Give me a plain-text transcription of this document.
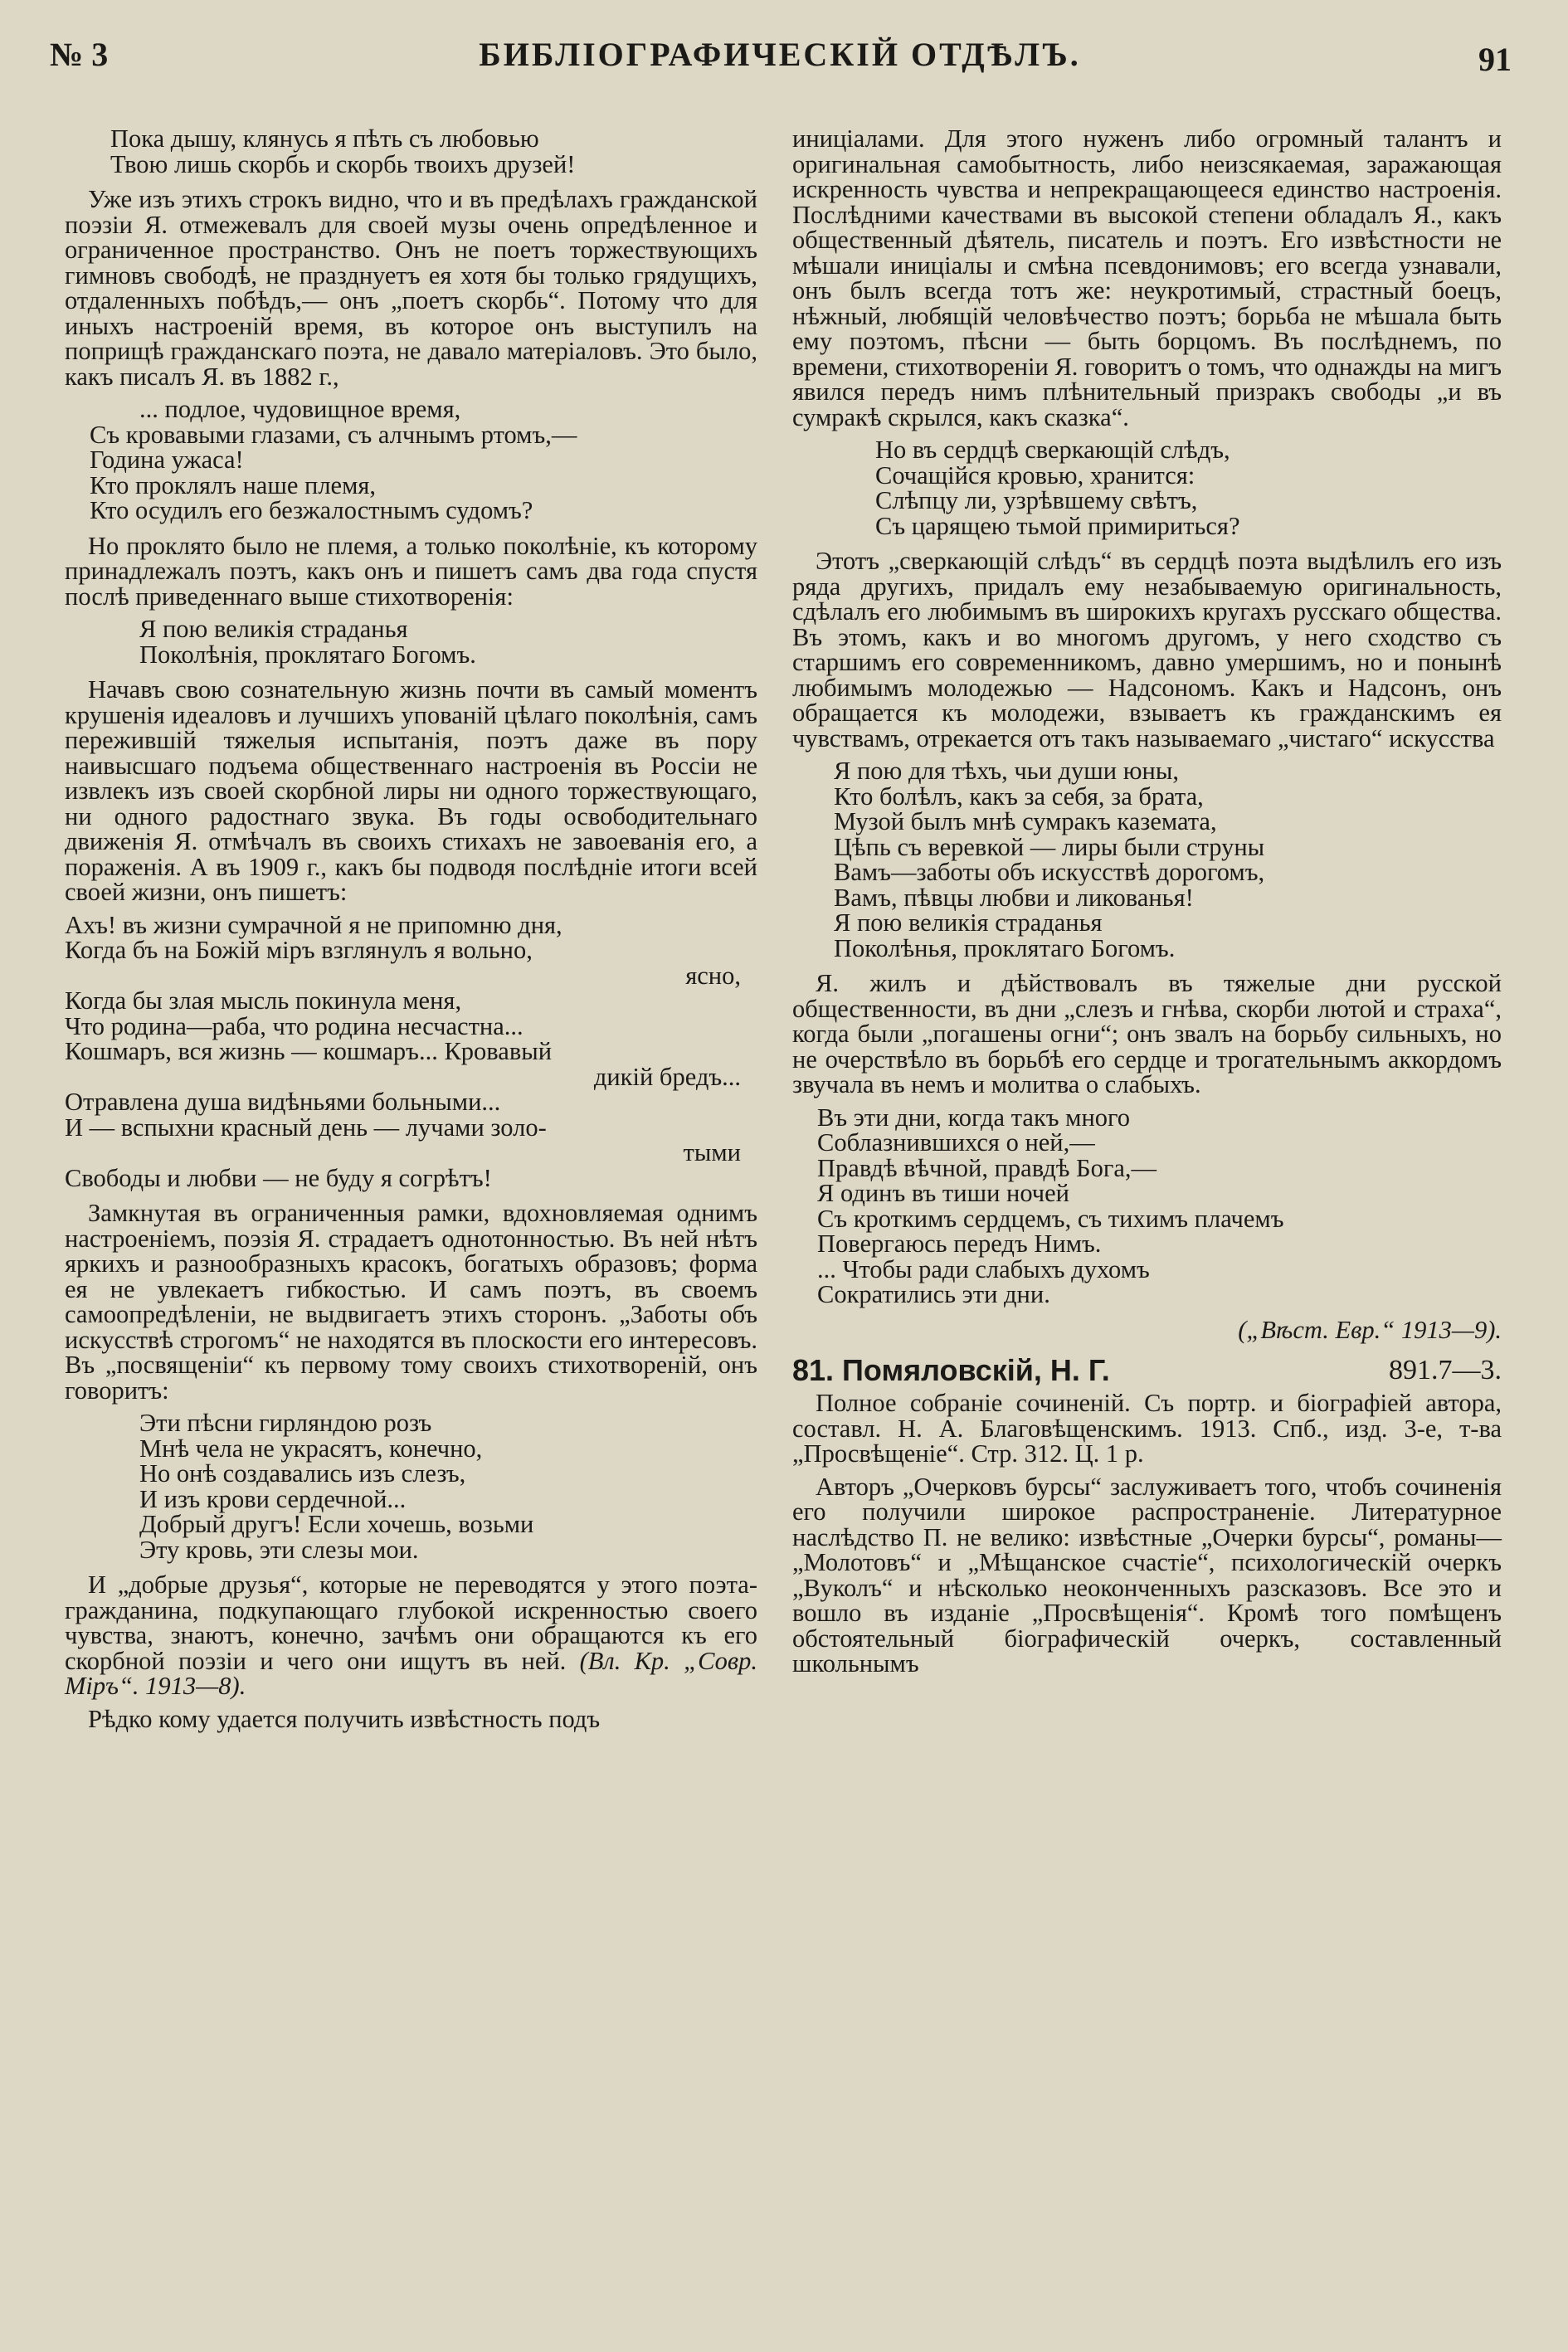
№ 3	БИБЛІОГРАФИЧЕСКІЙ ОТДѢЛЪ.	91
Пока дышу, клянусь я пѣть съ любовью
Твою лишь скорбь и скорбь твоихъ друзей!
Уже изъ этихъ строкъ видно, что и въ предѣлахъ гражданской поэзіи Я. отмежевалъ для своей музы очень опредѣленное и ограниченное пространство. Онъ не поетъ торжествующихъ гимновъ свободѣ, не празднуетъ ея хотя бы только грядущихъ, отдаленныхъ побѣдъ,— онъ „поетъ скорбь“. Потому что для иныхъ настроеній время, въ которое онъ выступилъ на поприщѣ гражданскаго поэта, не давало матеріаловъ. Это было, какъ писалъ Я. въ 1882 г.,
... подлое, чудовищное время,
Съ кровавыми глазами, съ алчнымъ ртомъ,—
Година ужаса!
Кто проклялъ наше племя,
Кто осудилъ его безжалостнымъ судомъ?
Но проклято было не племя, а только поколѣніе, къ которому принадлежалъ поэтъ, какъ онъ и пишетъ самъ два года спустя послѣ приведеннаго выше стихотворенія:
Я пою великія страданья
Поколѣнія, проклятаго Богомъ.
Начавъ свою сознательную жизнь почти въ самый моментъ крушенія идеаловъ и лучшихъ упованій цѣлаго поколѣнія, самъ пережившій тяжелыя испытанія, поэтъ даже въ пору наивысшаго подъема общественнаго настроенія въ Россіи не извлекъ изъ своей скорбной лиры ни одного торжествующаго, ни одного радостнаго звука. Въ годы освободительнаго движенія Я. отмѣчалъ въ своихъ стихахъ не завоеванія его, а пораженія. А въ 1909 г., какъ бы подводя послѣдніе итоги всей своей жизни, онъ пишетъ:
Ахъ! въ жизни сумрачной я не припомню дня,
Когда бъ на Божій міръ взглянулъ я вольно,
ясно,
Когда бы злая мысль покинула меня,
Что родина—раба, что родина несчастна...
Кошмаръ, вся жизнь — кошмаръ... Кровавый
дикій бредъ...
Отравлена душа видѣньями больными...
И — вспыхни красный день — лучами золо-
тыми
Свободы и любви — не буду я согрѣтъ!
Замкнутая въ ограниченныя рамки, вдохновляемая однимъ настроеніемъ, поэзія Я. страдаетъ однотонностью. Въ ней нѣтъ яркихъ и разнообразныхъ красокъ, богатыхъ образовъ; форма ея не увлекаетъ гибкостью. И самъ поэтъ, въ своемъ самоопредѣленіи, не выдвигаетъ этихъ сторонъ. „Заботы объ искусствѣ строгомъ“ не находятся въ плоскости его интересовъ. Въ „посвященіи“ къ первому тому своихъ стихотвореній, онъ говоритъ:
Эти пѣсни гирляндою розъ
Мнѣ чела не украсятъ, конечно,
Но онѣ создавались изъ слезъ,
И изъ крови сердечной...
Добрый другъ! Если хочешь, возьми
Эту кровь, эти слезы мои.
И „добрые друзья“, которые не переводятся у этого поэта-гражданина, подкупающаго глубокой искренностью своего чувства, знаютъ, конечно, зачѣмъ они обращаются къ его скорбной поэзіи и чего они ищутъ въ ней. (Вл. Кр. „Совр. Міръ“. 1913—8).
Рѣдко кому удается получить извѣстность подъ
иниціалами. Для этого нуженъ либо огромный талантъ и оригинальная самобытность, либо неизсякаемая, заражающая искренность чувства и непрекращающееся единство настроенія. Послѣдними качествами въ высокой степени обладалъ Я., какъ общественный дѣятель, писатель и поэтъ. Его извѣстности не мѣшали иниціалы и смѣна псевдонимовъ; его всегда узнавали, онъ былъ всегда тотъ же: неукротимый, страстный боецъ, нѣжный, любящій человѣчество поэтъ; борьба не мѣшала быть ему поэтомъ, пѣсни — быть борцомъ. Въ послѣднемъ, по времени, стихотвореніи Я. говоритъ о томъ, что однажды на мигъ явился передъ нимъ плѣнительный призракъ свободы „и въ сумракѣ скрылся, какъ сказка“.
Но въ сердцѣ сверкающій слѣдъ,
Сочащійся кровью, хранится:
Слѣпцу ли, узрѣвшему свѣтъ,
Съ царящею тьмой примириться?
Этотъ „сверкающій слѣдъ“ въ сердцѣ поэта выдѣлилъ его изъ ряда другихъ, придалъ ему незабываемую оригинальность, сдѣлалъ его любимымъ въ широкихъ кругахъ русскаго общества. Въ этомъ, какъ и во многомъ другомъ, у него сходство съ старшимъ его современникомъ, давно умершимъ, но и понынѣ любимымъ молодежью — Надсономъ. Какъ и Надсонъ, онъ обращается къ молодежи, взываетъ къ гражданскимъ ея чувствамъ, отрекается отъ такъ называемаго „чистаго“ искусства
Я пою для тѣхъ, чьи души юны,
Кто болѣлъ, какъ за себя, за брата,
Музой былъ мнѣ сумракъ каземата,
Цѣпь съ веревкой — лиры были струны
Вамъ—заботы объ искусствѣ дорогомъ,
Вамъ, пѣвцы любви и ликованья!
Я пою великія страданья
Поколѣнья, проклятаго Богомъ.
Я. жилъ и дѣйствовалъ въ тяжелые дни русской общественности, въ дни „слезъ и гнѣва, скорби лютой и страха“, когда были „погашены огни“; онъ звалъ на борьбу сильныхъ, но не очерствѣло въ борьбѣ его сердце и трогательнымъ аккордомъ звучала въ немъ и молитва о слабыхъ.
Въ эти дни, когда такъ много
Соблазнившихся о ней,—
Правдѣ вѣчной, правдѣ Бога,—
Я одинъ въ тиши ночей
Съ кроткимъ сердцемъ, съ тихимъ плачемъ
Повергаюсь передъ Нимъ.
... Чтобы ради слабыхъ духомъ
Сократились эти дни.
(„Вѣст. Евр.“ 1913—9).
81. Помяловскій, Н. Г.	891.7—3.
Полное собраніе сочиненій. Съ портр. и біографіей автора, составл. Н. А. Благовѣщенскимъ. 1913. Спб., изд. 3-е, т-ва „Просвѣщеніе“. Стр. 312. Ц. 1 р.
Авторъ „Очерковъ бурсы“ заслуживаетъ того, чтобъ сочиненія его получили широкое распространеніе. Литературное наслѣдство П. не велико: извѣстные „Очерки бурсы“, романы—„Молотовъ“ и „Мѣщанское счастіе“, психологическій очеркъ „Вуколъ“ и нѣсколько неоконченныхъ разсказовъ. Все это и вошло въ изданіе „Просвѣщенія“. Кромѣ того помѣщенъ обстоятельный біографическій очеркъ, составленный школьнымъ
